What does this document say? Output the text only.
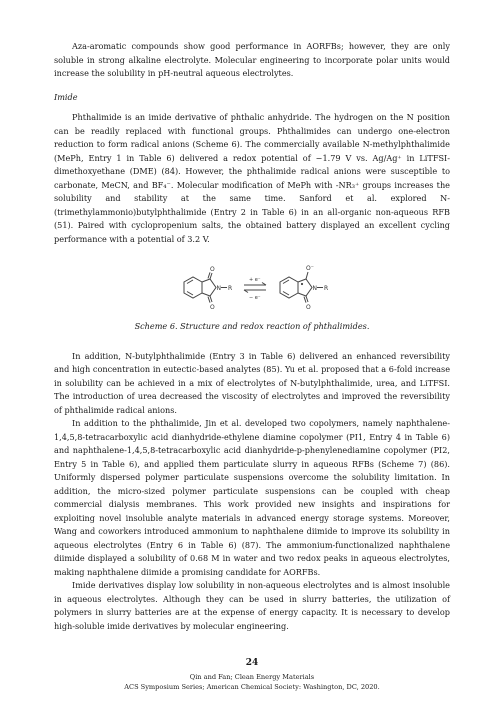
Aza-aromatic compounds show good performance in AORFBs; however, they are only soluble in strong alkaline electrolyte. Molecular engineering to incorporate polar units would increase the solubility in pH-neutral aqueous electrolytes.

Imide

Phthalimide is an imide derivative of phthalic anhydride. The hydrogen on the N position can be readily replaced with functional groups. Phthalimides can undergo one-electron reduction to form radical anions (Scheme 6). The commercially available N-methylphthalimide (MePh, Entry 1 in Table 6) delivered a redox potential of −1.79 V vs. Ag/Ag⁺ in LiTFSI- dimethoxyethane (DME) (84). However, the phthalimide radical anions were susceptible to carbonate, MeCN, and BF₄⁻. Molecular modification of MePh with -NR₃⁺ groups increases the solubility and stability at the same time. Sanford et al. explored N-(trimethylammonio)butylphthalimide (Entry 2 in Table 6) in an all-organic non-aqueous RFB (51). Paired with cyclopropenium salts, the obtained battery displayed an excellent cycling performance with a potential of 3.2 V.

N R
O
O
N R
O⁻
O
+ e⁻
− e⁻

Scheme 6. Structure and redox reaction of phthalimides.

In addition, N-butylphthalimide (Entry 3 in Table 6) delivered an enhanced reversibility and high concentration in eutectic-based analytes (85). Yu et al. proposed that a 6-fold increase in solubility can be achieved in a mix of electrolytes of N-butylphthalimide, urea, and LiTFSI. The introduction of urea decreased the viscosity of electrolytes and improved the reversibility of phthalimide radical anions.

In addition to the phthalimide, Jin et al. developed two copolymers, namely naphthalene-1,4,5,8-tetracarboxylic acid dianhydride-ethylene diamine copolymer (PI1, Entry 4 in Table 6) and naphthalene-1,4,5,8-tetracarboxylic acid dianhydride-p-phenylenediamine copolymer (PI2, Entry 5 in Table 6), and applied them particulate slurry in aqueous RFBs (Scheme 7) (86). Uniformly dispersed polymer particulate suspensions overcome the solubility limitation. In addition, the micro-sized polymer particulate suspensions can be coupled with cheap commercial dialysis membranes. This work provided new insights and inspirations for exploiting novel insoluble analyte materials in advanced energy storage systems. Moreover, Wang and coworkers introduced ammonium to naphthalene diimide to improve its solubility in aqueous electrolytes (Entry 6 in Table 6) (87). The ammonium-functionalized naphthalene diimide displayed a solubility of 0.68 M in water and two redox peaks in aqueous electrolytes, making naphthalene diimide a promising candidate for AORFBs.

Imide derivatives display low solubility in non-aqueous electrolytes and is almost insoluble in aqueous electrolytes. Although they can be used in slurry batteries, the utilization of polymers in slurry batteries are at the expense of energy capacity. It is necessary to develop high-soluble imide derivatives by molecular engineering.

24
Qin and Fan; Clean Energy Materials
ACS Symposium Series; American Chemical Society: Washington, DC, 2020.
